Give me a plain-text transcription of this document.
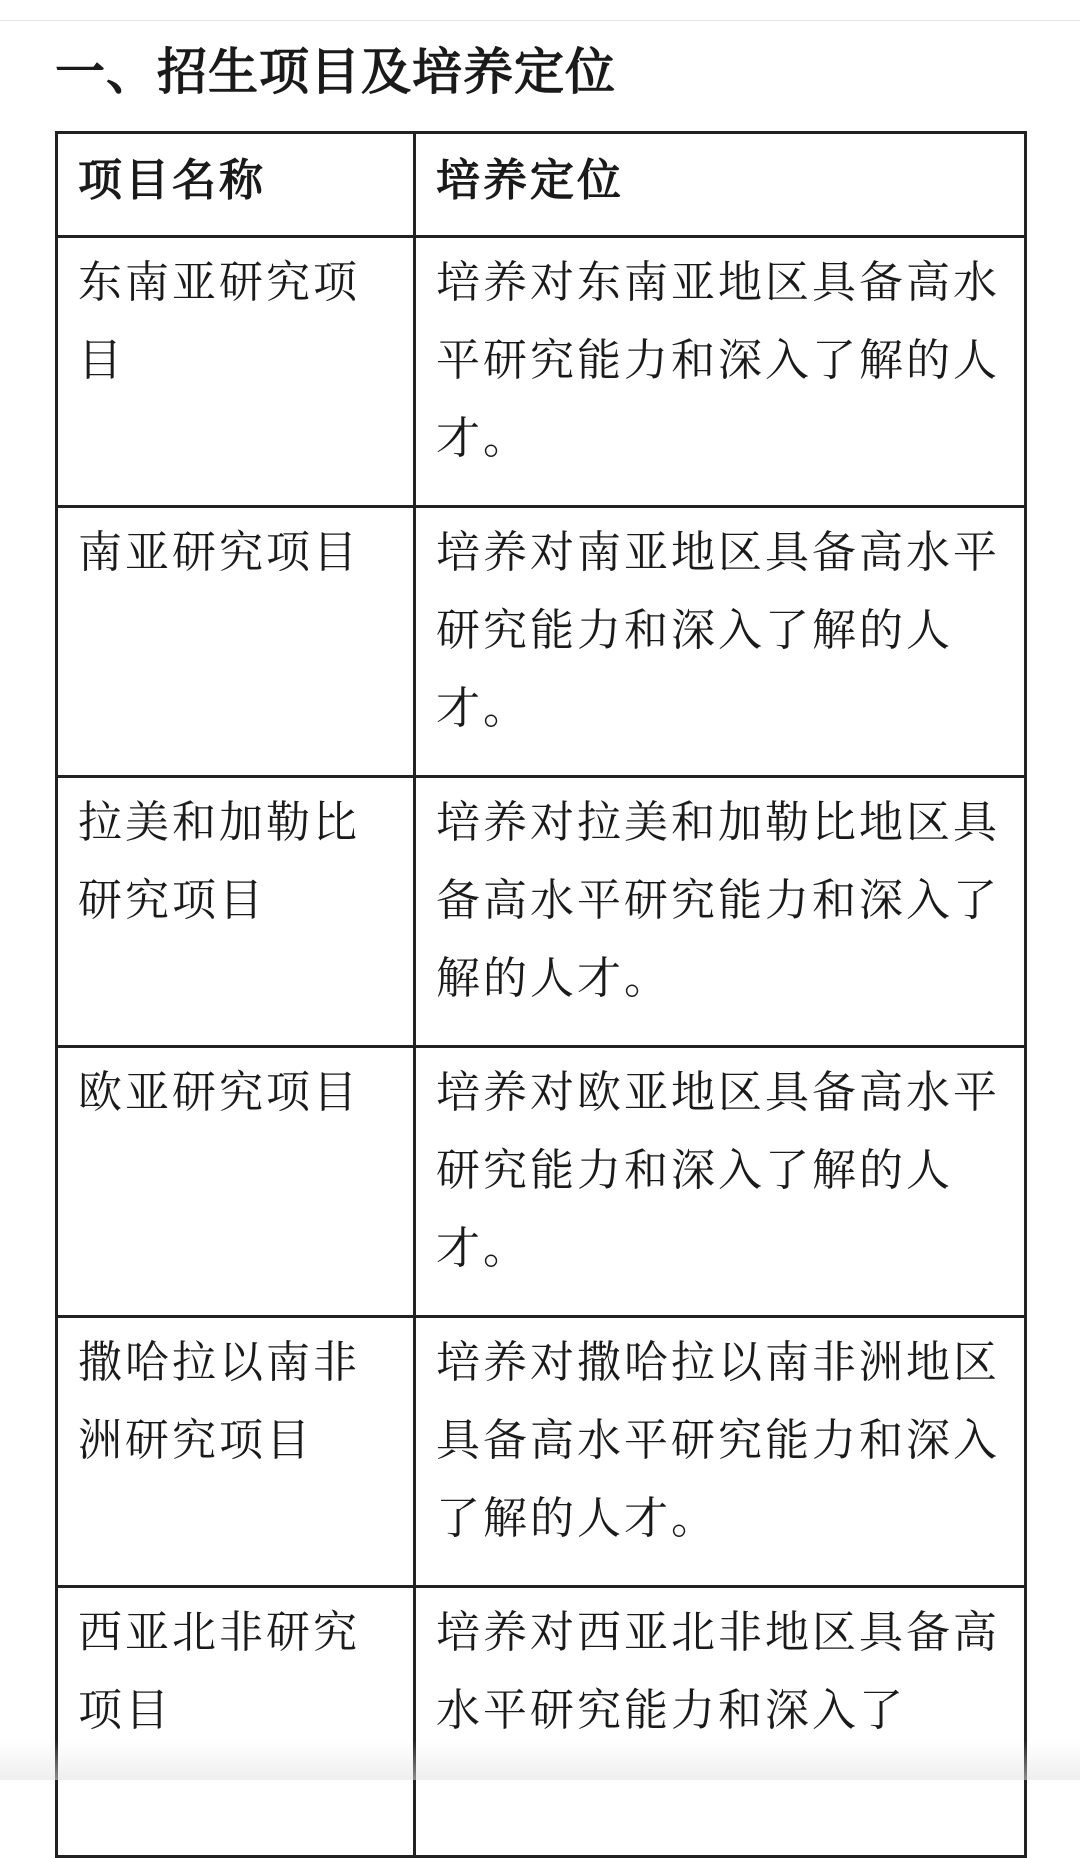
一、招生项目及培养定位
项目名称	培养定位
东南亚研究项目	培养对东南亚地区具备高水平研究能力和深入了解的人才。
南亚研究项目	培养对南亚地区具备高水平研究能力和深入了解的人才。
拉美和加勒比研究项目	培养对拉美和加勒比地区具备高水平研究能力和深入了解的人才。
欧亚研究项目	培养对欧亚地区具备高水平研究能力和深入了解的人才。
撒哈拉以南非洲研究项目	培养对撒哈拉以南非洲地区具备高水平研究能力和深入了解的人才。
西亚北非研究项目	培养对西亚北非地区具备高水平研究能力和深入了
